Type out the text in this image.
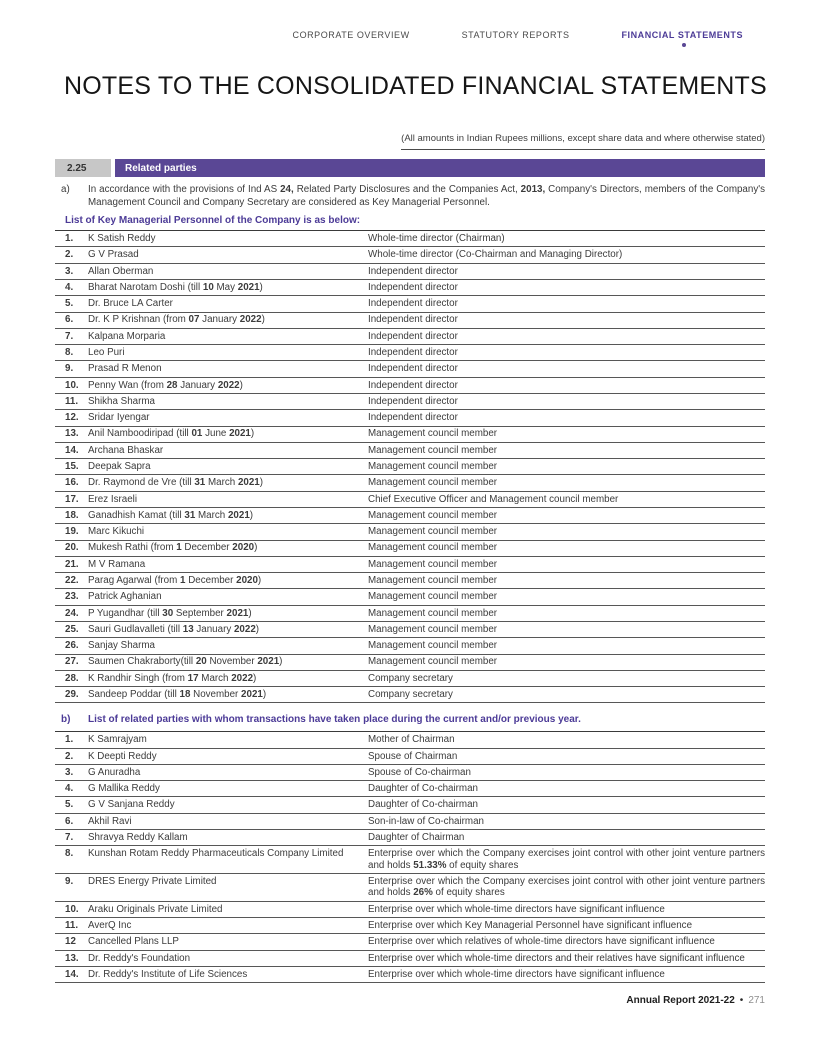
CORPORATE OVERVIEW	STATUTORY REPORTS	FINANCIAL STATEMENTS
NOTES TO THE CONSOLIDATED FINANCIAL STATEMENTS
(All amounts in Indian Rupees millions, except share data and where otherwise stated)
2.25	Related parties
a)	In accordance with the provisions of Ind AS 24, Related Party Disclosures and the Companies Act, 2013, Company's Directors, members of the Company's Management Council and Company Secretary are considered as Key Managerial Personnel.
List of Key Managerial Personnel of the Company is as below:
1.	K Satish Reddy	Whole-time director (Chairman)
2.	G V Prasad	Whole-time director (Co-Chairman and Managing Director)
3.	Allan Oberman	Independent director
4.	Bharat Narotam Doshi (till 10 May 2021)	Independent director
5.	Dr. Bruce LA Carter	Independent director
6.	Dr. K P Krishnan (from 07 January 2022)	Independent director
7.	Kalpana Morparia	Independent director
8.	Leo Puri	Independent director
9.	Prasad R Menon	Independent director
10.	Penny Wan (from 28 January 2022)	Independent director
11.	Shikha Sharma	Independent director
12.	Sridar Iyengar	Independent director
13.	Anil Namboodiripad (till 01 June 2021)	Management council member
14.	Archana Bhaskar	Management council member
15.	Deepak Sapra	Management council member
16.	Dr. Raymond de Vre (till 31 March 2021)	Management council member
17.	Erez Israeli	Chief Executive Officer and Management council member
18.	Ganadhish Kamat (till 31 March 2021)	Management council member
19.	Marc Kikuchi	Management council member
20.	Mukesh Rathi (from 1 December 2020)	Management council member
21.	M V Ramana	Management council member
22.	Parag Agarwal (from 1 December 2020)	Management council member
23.	Patrick Aghanian	Management council member
24.	P Yugandhar (till 30 September 2021)	Management council member
25.	Sauri Gudlavalleti (till 13 January 2022)	Management council member
26.	Sanjay Sharma	Management council member
27.	Saumen Chakraborty(till 20 November 2021)	Management council member
28.	K Randhir Singh (from 17 March 2022)	Company secretary
29.	Sandeep Poddar (till 18 November 2021)	Company secretary
b)	List of related parties with whom transactions have taken place during the current and/or previous year.
1.	K Samrajyam	Mother of Chairman
2.	K Deepti Reddy	Spouse of Chairman
3.	G Anuradha	Spouse of Co-chairman
4.	G Mallika Reddy	Daughter of Co-chairman
5.	G V Sanjana Reddy	Daughter of Co-chairman
6.	Akhil Ravi	Son-in-law of Co-chairman
7.	Shravya Reddy Kallam	Daughter of Chairman
8.	Kunshan Rotam Reddy Pharmaceuticals Company Limited	Enterprise over which the Company exercises joint control with other joint venture partners and holds 51.33% of equity shares
9.	DRES Energy Private Limited	Enterprise over which the Company exercises joint control with other joint venture partners and holds 26% of equity shares
10.	Araku Originals Private Limited	Enterprise over which whole-time directors have significant influence
11.	AverQ Inc	Enterprise over which Key Managerial Personnel have significant influence
12	Cancelled Plans LLP	Enterprise over which relatives of whole-time directors have significant influence
13.	Dr. Reddy's Foundation	Enterprise over which whole-time directors and their relatives have significant influence
14.	Dr. Reddy's Institute of Life Sciences	Enterprise over which whole-time directors have significant influence
Annual Report 2021-22 • 271
